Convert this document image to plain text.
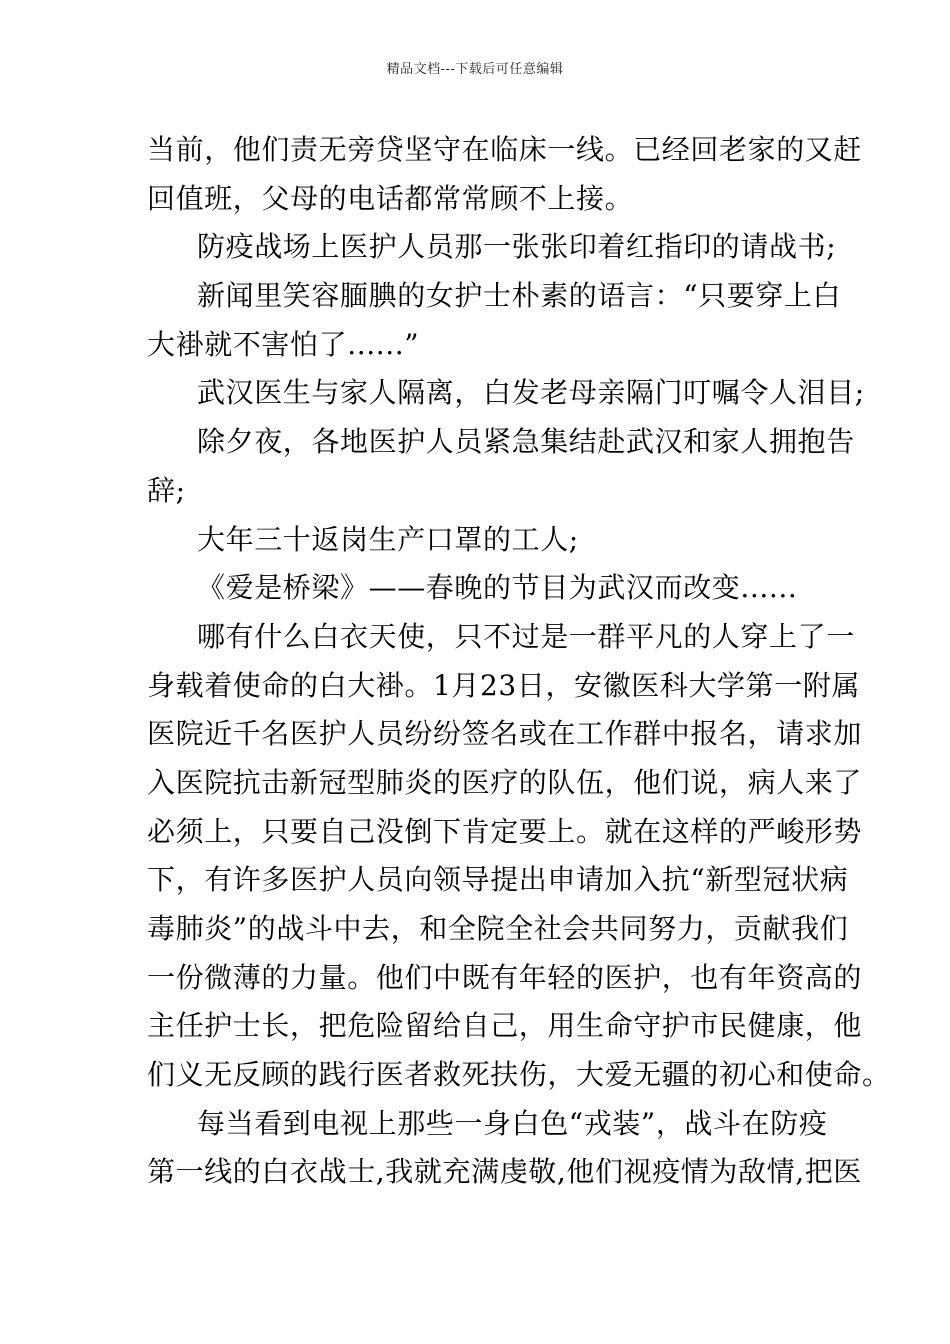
精品文档---下载后可任意编辑
当前，他们责无旁贷坚守在临床一线。已经回老家的又赶
回值班，父母的电话都常常顾不上接。
防疫战场上医护人员那一张张印着红指印的请战书;
新闻里笑容腼腆的女护士朴素的语言：“只要穿上白
大褂就不害怕了......”
武汉医生与家人隔离，白发老母亲隔门叮嘱令人泪目;
除夕夜，各地医护人员紧急集结赴武汉和家人拥抱告
辞;
大年三十返岗生产口罩的工人;
《爱是桥梁》——春晚的节目为武汉而改变......
哪有什么白衣天使，只不过是一群平凡的人穿上了一
身载着使命的白大褂。1月23日，安徽医科大学第一附属
医院近千名医护人员纷纷签名或在工作群中报名，请求加
入医院抗击新冠型肺炎的医疗的队伍，他们说，病人来了
必须上，只要自己没倒下肯定要上。就在这样的严峻形势
下，有许多医护人员向领导提出申请加入抗“新型冠状病
毒肺炎”的战斗中去，和全院全社会共同努力，贡献我们
一份微薄的力量。他们中既有年轻的医护，也有年资高的
主任护士长，把危险留给自己，用生命守护市民健康，他
们义无反顾的践行医者救死扶伤，大爱无疆的初心和使命。
每当看到电视上那些一身白色“戎装”，战斗在防疫
第一线的白衣战士,我就充满虔敬,他们视疫情为敌情,把医
